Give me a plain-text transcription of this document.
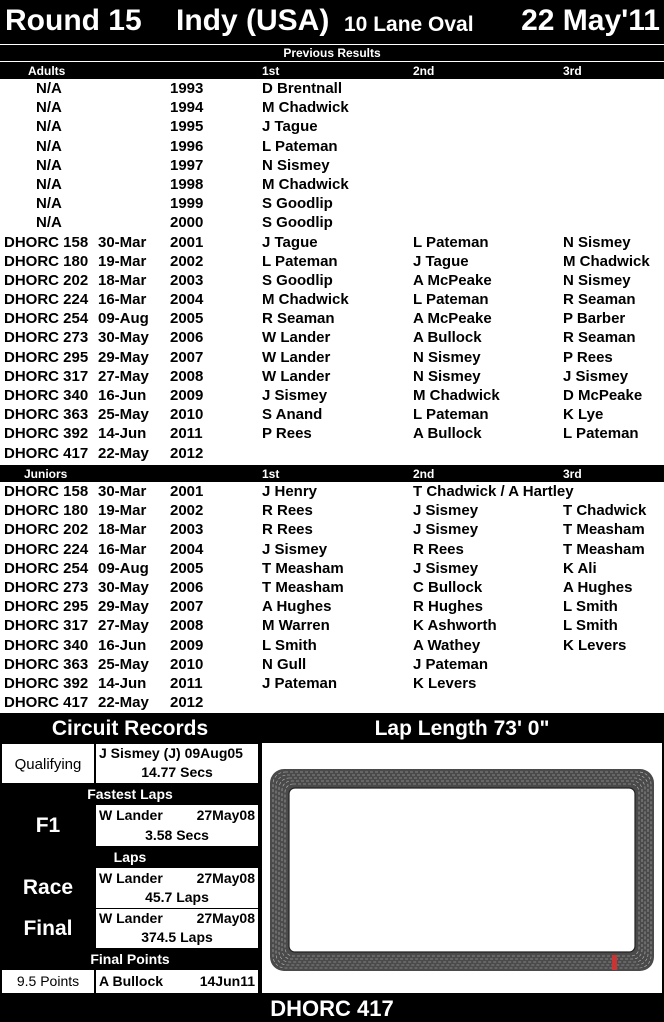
Round 15 Indy (USA) 10 Lane Oval 22 May'11
Previous Results
Adults	1st	2nd	3rd
N/A	1993	D Brentnall
N/A	1994	M Chadwick
N/A	1995	J Tague
N/A	1996	L Pateman
N/A	1997	N Sismey
N/A	1998	M Chadwick
N/A	1999	S Goodlip
N/A	2000	S Goodlip
DHORC 158 30-Mar 2001	J Tague	L Pateman	N Sismey
DHORC 180 19-Mar 2002	L Pateman	J Tague	M Chadwick
DHORC 202 18-Mar 2003	S Goodlip	A McPeake	N Sismey
DHORC 224 16-Mar 2004	M Chadwick	L Pateman	R Seaman
DHORC 254 09-Aug 2005	R Seaman	A McPeake	P Barber
DHORC 273 30-May 2006	W Lander	A Bullock	R Seaman
DHORC 295 29-May 2007	W Lander	N Sismey	P Rees
DHORC 317 27-May 2008	W Lander	N Sismey	J Sismey
DHORC 340 16-Jun 2009	J Sismey	M Chadwick	D McPeake
DHORC 363 25-May 2010	S Anand	L Pateman	K Lye
DHORC 392 14-Jun 2011	P Rees	A Bullock	L Pateman
DHORC 417 22-May 2012
Juniors	1st	2nd	3rd
DHORC 158 30-Mar 2001	J Henry	T Chadwick / A Hartley
DHORC 180 19-Mar 2002	R Rees	J Sismey	T Chadwick
DHORC 202 18-Mar 2003	R Rees	J Sismey	T Measham
DHORC 224 16-Mar 2004	J Sismey	R Rees	T Measham
DHORC 254 09-Aug 2005	T Measham	J Sismey	K Ali
DHORC 273 30-May 2006	T Measham	C Bullock	A Hughes
DHORC 295 29-May 2007	A Hughes	R Hughes	L Smith
DHORC 317 27-May 2008	M Warren	K Ashworth	L Smith
DHORC 340 16-Jun 2009	L Smith	A Wathey	K Levers
DHORC 363 25-May 2010	N Gull	J Pateman
DHORC 392 14-Jun 2011	J Pateman	K Levers
DHORC 417 22-May 2012
Circuit Records	Lap Length 73' 0"
Qualifying
J Sismey (J) 09Aug05
14.77 Secs
Fastest Laps
F1	W Lander 27May08
3.58 Secs
Laps
Race	W Lander 27May08
45.7 Laps
Final	W Lander 27May08
374.5 Laps
Final Points
9.5 Points	A Bullock	14Jun11
DHORC 417
